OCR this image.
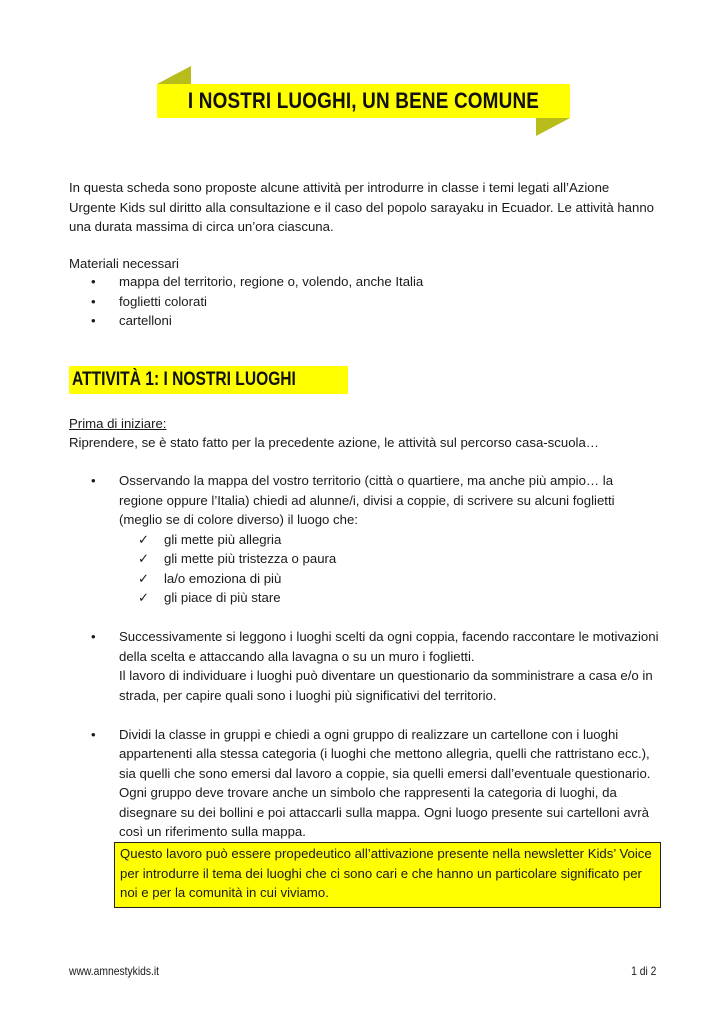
I NOSTRI LUOGHI, UN BENE COMUNE
In questa scheda sono proposte alcune attività per introdurre in classe i temi legati all’Azione Urgente Kids sul diritto alla consultazione e il caso del popolo sarayaku in Ecuador. Le attività hanno una durata massima di circa un’ora ciascuna.
Materiali necessari
• mappa del territorio, regione o, volendo, anche Italia
• foglietti colorati
• cartelloni
ATTIVITÀ 1: I NOSTRI LUOGHI
Prima di iniziare:
Riprendere, se è stato fatto per la precedente azione, le attività sul percorso casa-scuola…
• Osservando la mappa del vostro territorio (città o quartiere, ma anche più ampio… la regione oppure l’Italia) chiedi ad alunne/i, divisi a coppie, di scrivere su alcuni foglietti (meglio se di colore diverso) il luogo che:
✓ gli mette più allegria
✓ gli mette più tristezza o paura
✓ la/o emoziona di più
✓ gli piace di più stare
• Successivamente si leggono i luoghi scelti da ogni coppia, facendo raccontare le motivazioni della scelta e attaccando alla lavagna o su un muro i foglietti.
Il lavoro di individuare i luoghi può diventare un questionario da somministrare a casa e/o in strada, per capire quali sono i luoghi più significativi del territorio.
• Dividi la classe in gruppi e chiedi a ogni gruppo di realizzare un cartellone con i luoghi appartenenti alla stessa categoria (i luoghi che mettono allegria, quelli che rattristano ecc.), sia quelli che sono emersi dal lavoro a coppie, sia quelli emersi dall’eventuale questionario. Ogni gruppo deve trovare anche un simbolo che rappresenti la categoria di luoghi, da disegnare su dei bollini e poi attaccarli sulla mappa. Ogni luogo presente sui cartelloni avrà così un riferimento sulla mappa.
Questo lavoro può essere propedeutico all’attivazione presente nella newsletter Kids’ Voice per introdurre il tema dei luoghi che ci sono cari e che hanno un particolare significato per noi e per la comunità in cui viviamo.
www.amnestykids.it	1 di 2
